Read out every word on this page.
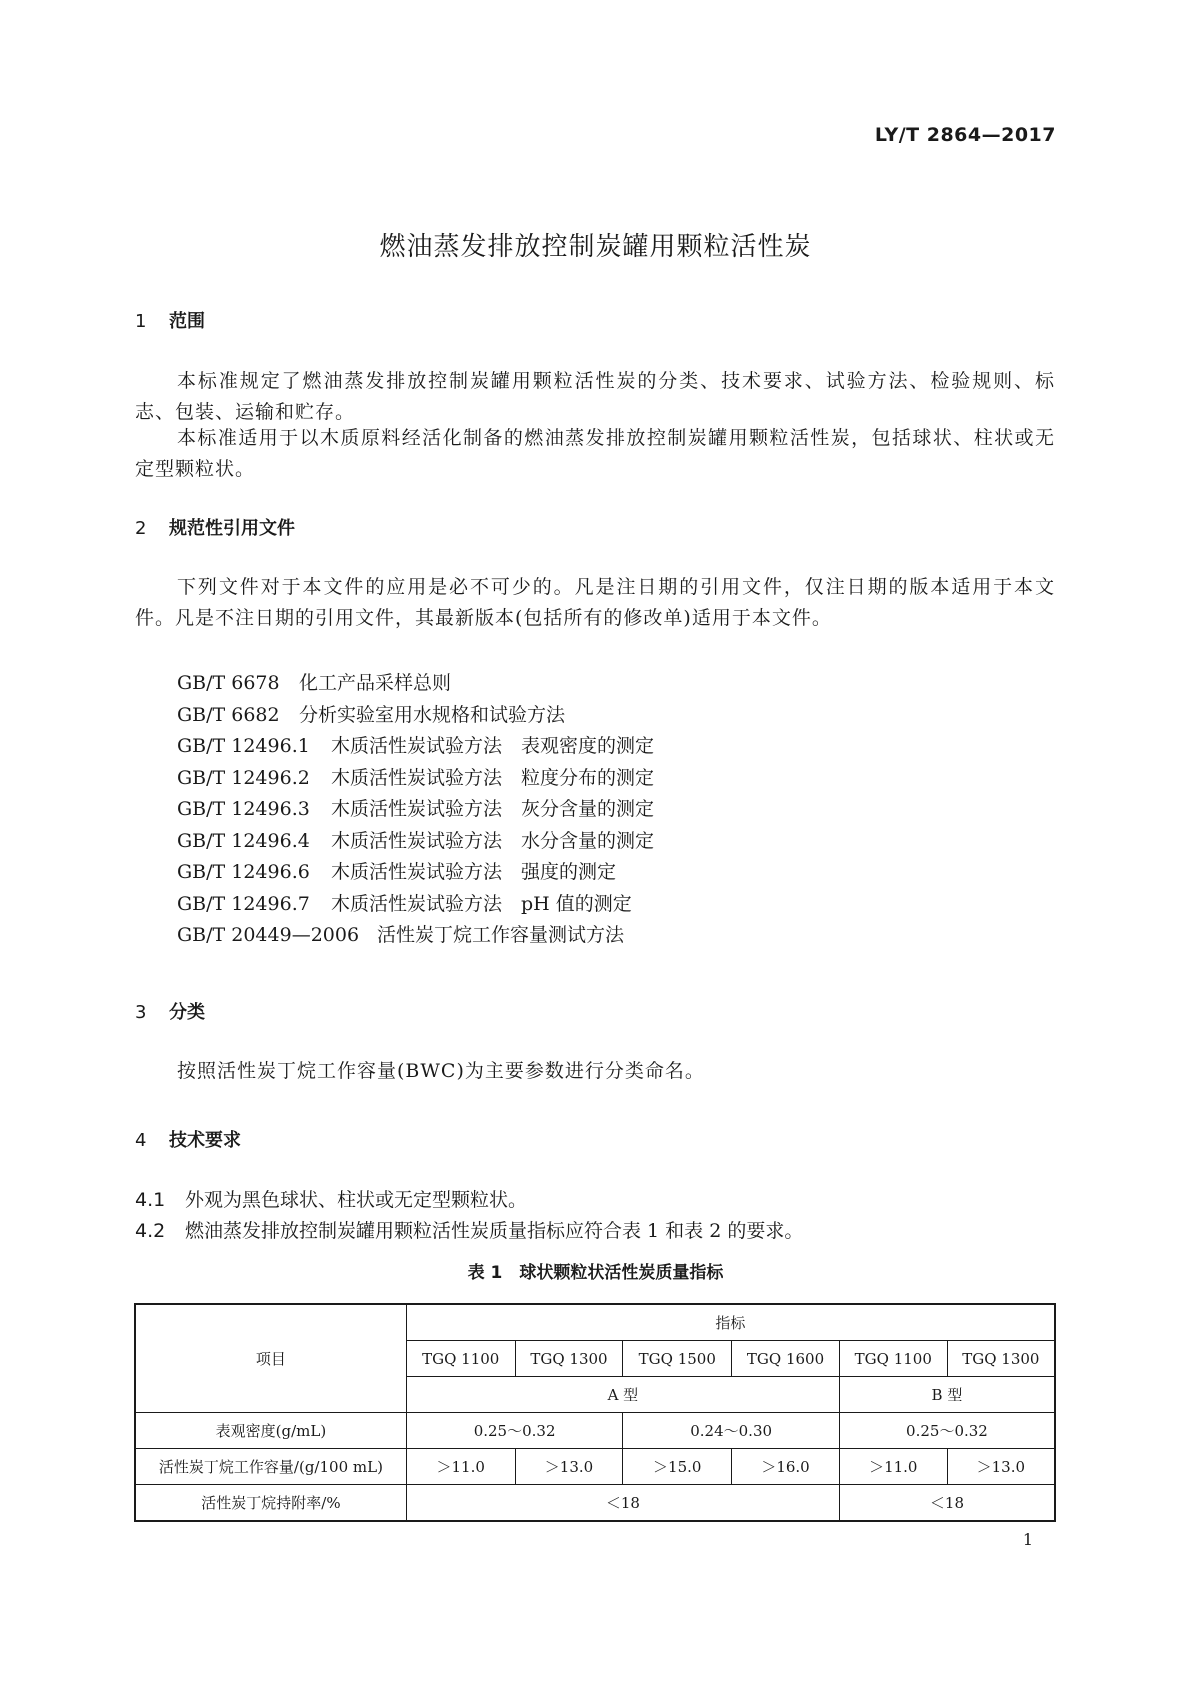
LY/T 2864—2017
燃油蒸发排放控制炭罐用颗粒活性炭
1 范围
本标准规定了燃油蒸发排放控制炭罐用颗粒活性炭的分类、技术要求、试验方法、检验规则、标志、包装、运输和贮存。
本标准适用于以木质原料经活化制备的燃油蒸发排放控制炭罐用颗粒活性炭，包括球状、柱状或无定型颗粒状。
2 规范性引用文件
下列文件对于本文件的应用是必不可少的。凡是注日期的引用文件，仅注日期的版本适用于本文件。凡是不注日期的引用文件，其最新版本(包括所有的修改单)适用于本文件。
GB/T 6678 化工产品采样总则
GB/T 6682 分析实验室用水规格和试验方法
GB/T 12496.1 木质活性炭试验方法　表观密度的测定
GB/T 12496.2 木质活性炭试验方法　粒度分布的测定
GB/T 12496.3 木质活性炭试验方法　灰分含量的测定
GB/T 12496.4 木质活性炭试验方法　水分含量的测定
GB/T 12496.6 木质活性炭试验方法　强度的测定
GB/T 12496.7 木质活性炭试验方法　pH 值的测定
GB/T 20449—2006 活性炭丁烷工作容量测试方法
3 分类
按照活性炭丁烷工作容量(BWC)为主要参数进行分类命名。
4 技术要求
4.1 外观为黑色球状、柱状或无定型颗粒状。
4.2 燃油蒸发排放控制炭罐用颗粒活性炭质量指标应符合表 1 和表 2 的要求。
表 1　球状颗粒状活性炭质量指标
项目	指标					
	TGQ 1100	TGQ 1300	TGQ 1500	TGQ 1600	TGQ 1100	TGQ 1300
	A 型				B 型	
表观密度(g/mL)	0.25～0.32		0.24～0.30		0.25～0.32	
活性炭丁烷工作容量/(g/100 mL)	＞11.0	＞13.0	＞15.0	＞16.0	＞11.0	＞13.0
活性炭丁烷持附率/%	＜18				＜18	
1
